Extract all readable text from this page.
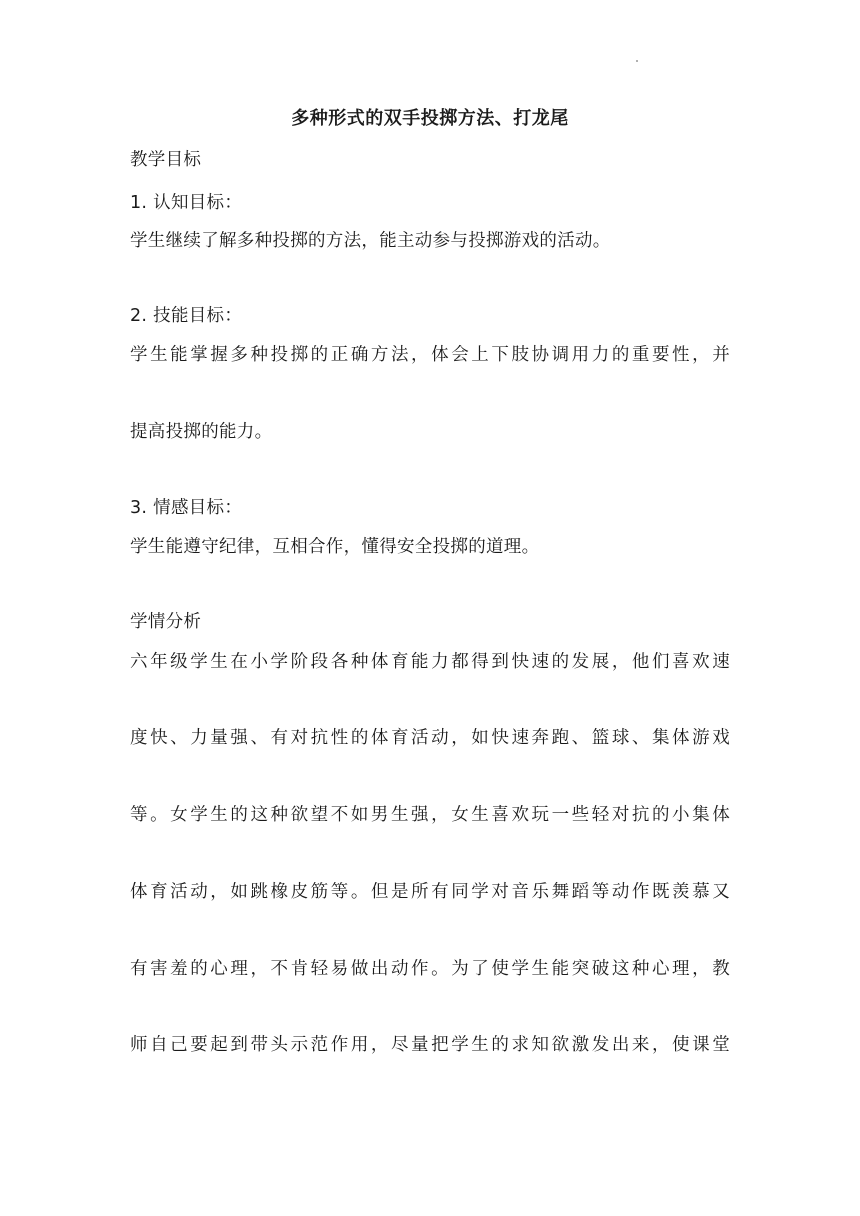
多种形式的双手投掷方法、打龙尾
教学目标
1. 认知目标：
学生继续了解多种投掷的方法，能主动参与投掷游戏的活动。
2. 技能目标：
学生能掌握多种投掷的正确方法，体会上下肢协调用力的重要性，并
提高投掷的能力。
3. 情感目标：
学生能遵守纪律，互相合作，懂得安全投掷的道理。
学情分析
六年级学生在小学阶段各种体育能力都得到快速的发展，他们喜欢速
度快、力量强、有对抗性的体育活动，如快速奔跑、篮球、集体游戏
等。女学生的这种欲望不如男生强，女生喜欢玩一些轻对抗的小集体
体育活动，如跳橡皮筋等。但是所有同学对音乐舞蹈等动作既羡慕又
有害羞的心理，不肯轻易做出动作。为了使学生能突破这种心理，教
师自己要起到带头示范作用，尽量把学生的求知欲激发出来，使课堂
